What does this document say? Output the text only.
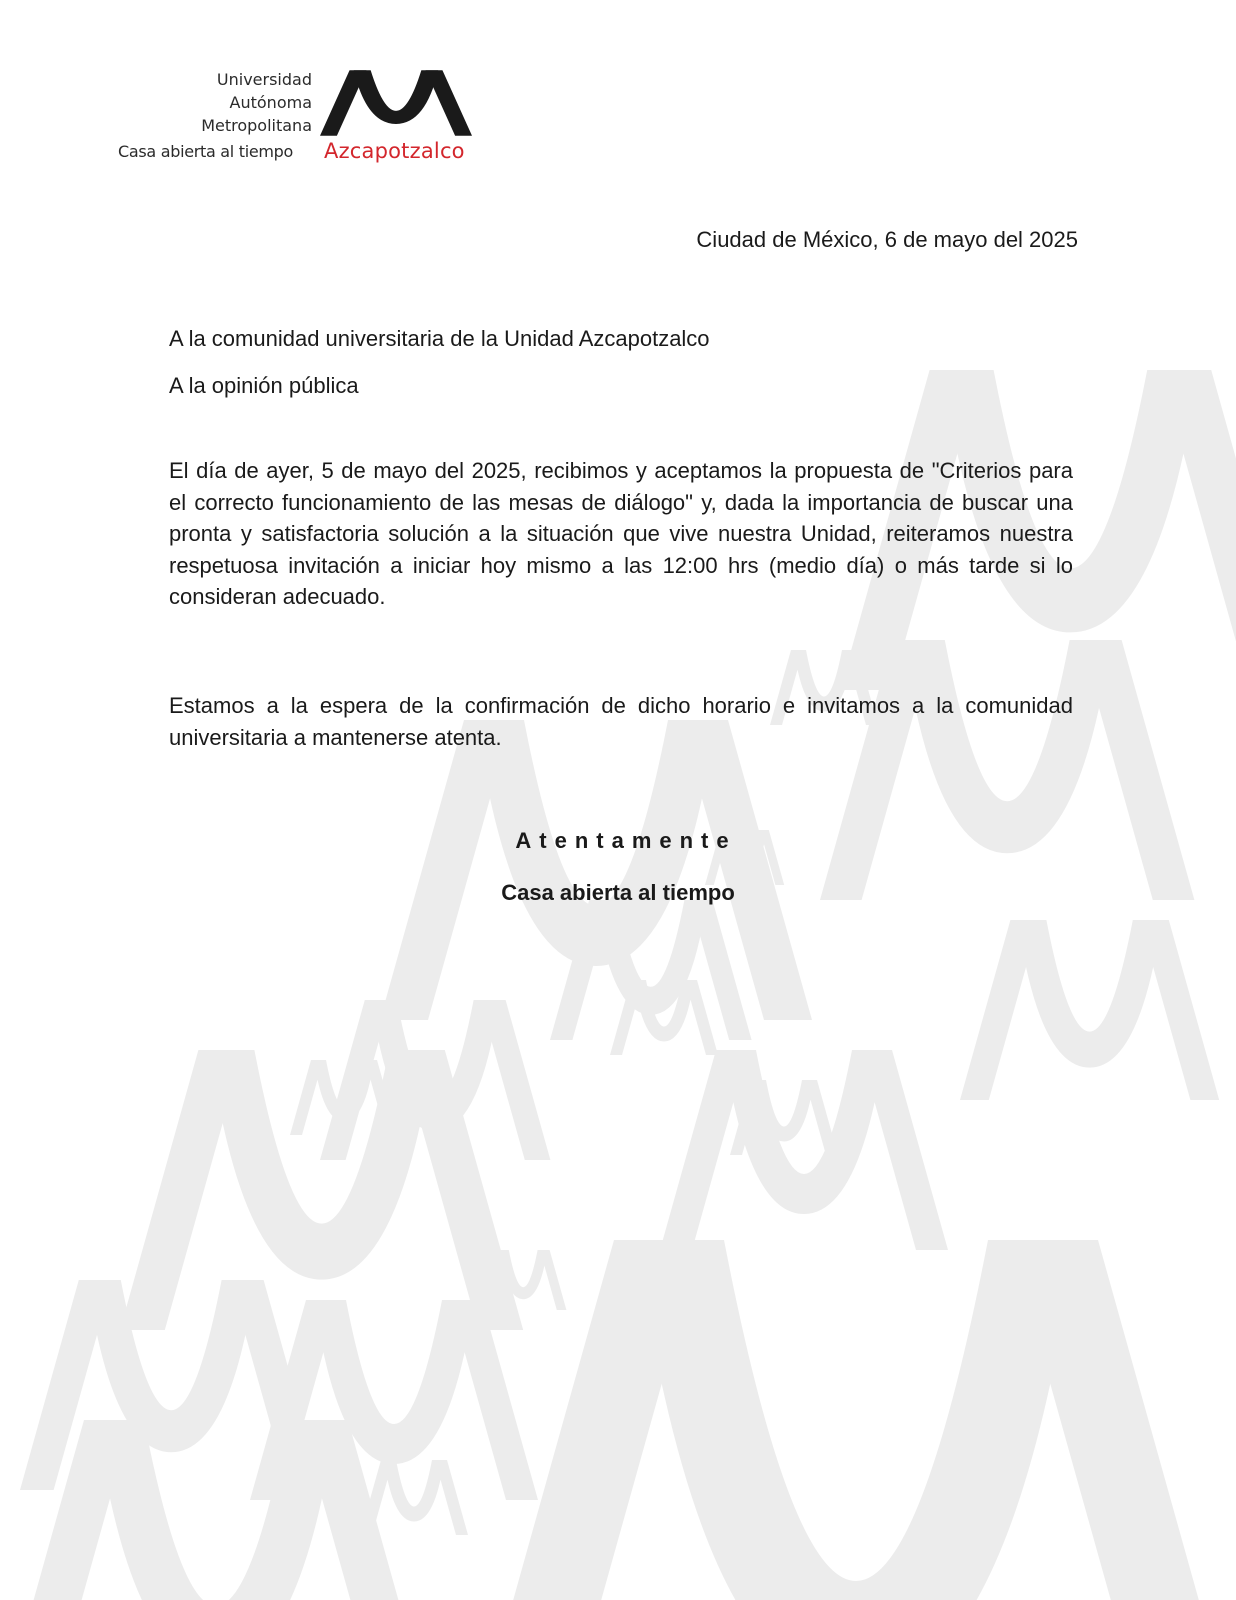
Universidad
Autónoma
Metropolitana
Casa abierta al tiempo Azcapotzalco
Ciudad de México, 6 de mayo del 2025
A la comunidad universitaria de la Unidad Azcapotzalco
A la opinión pública
El día de ayer, 5 de mayo del 2025, recibimos y aceptamos la propuesta de "Criterios para el correcto funcionamiento de las mesas de diálogo" y, dada la importancia de buscar una pronta y satisfactoria solución a la situación que vive nuestra Unidad, reiteramos nuestra respetuosa invitación a iniciar hoy mismo a las 12:00 hrs (medio día) o más tarde si lo consideran adecuado.
Estamos a la espera de la confirmación de dicho horario e invitamos a la comunidad universitaria a mantenerse atenta.
Atentamente
Casa abierta al tiempo
